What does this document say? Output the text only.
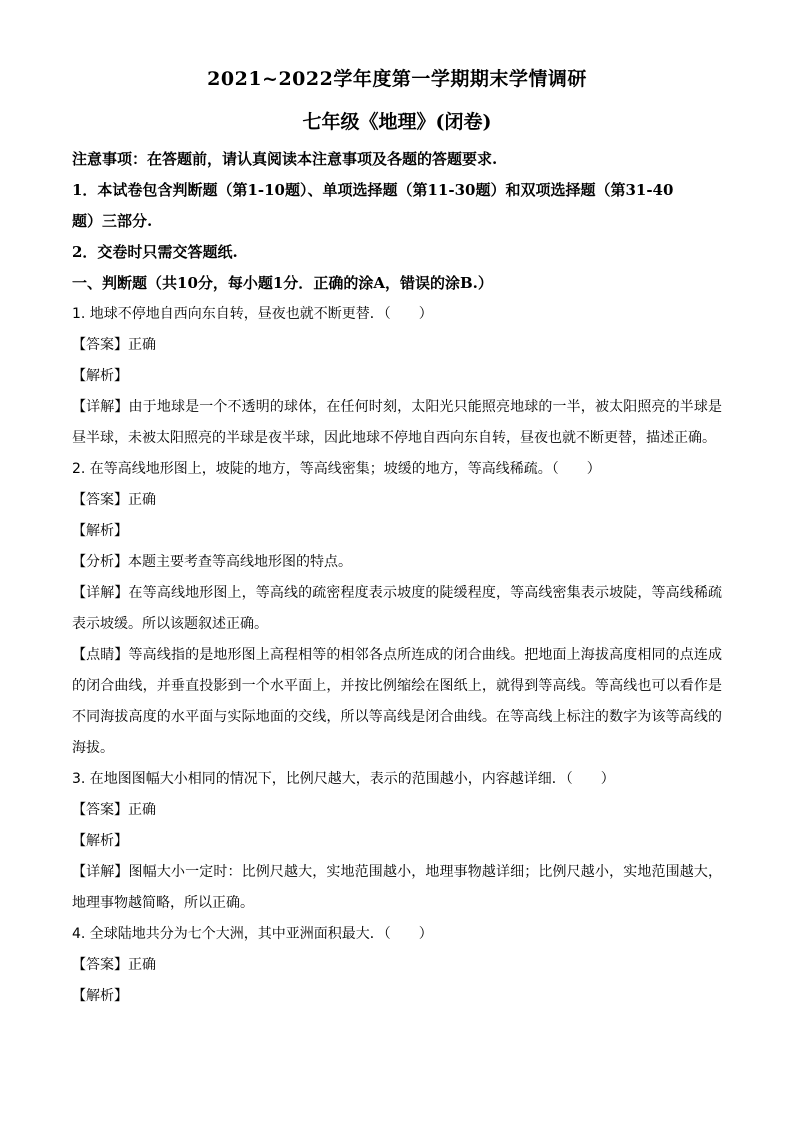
2021~2022学年度第一学期期末学情调研
七年级《地理》(闭卷)
注意事项：在答题前，请认真阅读本注意事项及各题的答题要求.
1．本试卷包含判断题（第1-10题）、单项选择题（第11-30题）和双项选择题（第31-40
题）三部分.
2．交卷时只需交答题纸.
一、判断题（共10分，每小题1分．正确的涂A，错误的涂B.）
1. 地球不停地自西向东自转，昼夜也就不断更替．（　　）
【答案】正确
【解析】
【详解】由于地球是一个不透明的球体，在任何时刻，太阳光只能照亮地球的一半，被太阳照亮的半球是昼半球，未被太阳照亮的半球是夜半球，因此地球不停地自西向东自转，昼夜也就不断更替，描述正确。
2. 在等高线地形图上，坡陡的地方，等高线密集；坡缓的地方，等高线稀疏。（　　）
【答案】正确
【解析】
【分析】本题主要考查等高线地形图的特点。
【详解】在等高线地形图上，等高线的疏密程度表示坡度的陡缓程度，等高线密集表示坡陡，等高线稀疏表示坡缓。所以该题叙述正确。
【点睛】等高线指的是地形图上高程相等的相邻各点所连成的闭合曲线。把地面上海拔高度相同的点连成的闭合曲线，并垂直投影到一个水平面上，并按比例缩绘在图纸上，就得到等高线。等高线也可以看作是不同海拔高度的水平面与实际地面的交线，所以等高线是闭合曲线。在等高线上标注的数字为该等高线的海拔。
3. 在地图图幅大小相同的情况下，比例尺越大，表示的范围越小，内容越详细．（　　）
【答案】正确
【解析】
【详解】图幅大小一定时：比例尺越大，实地范围越小，地理事物越详细；比例尺越小，实地范围越大，地理事物越简略，所以正确。
4. 全球陆地共分为七个大洲，其中亚洲面积最大．（　　）
【答案】正确
【解析】
